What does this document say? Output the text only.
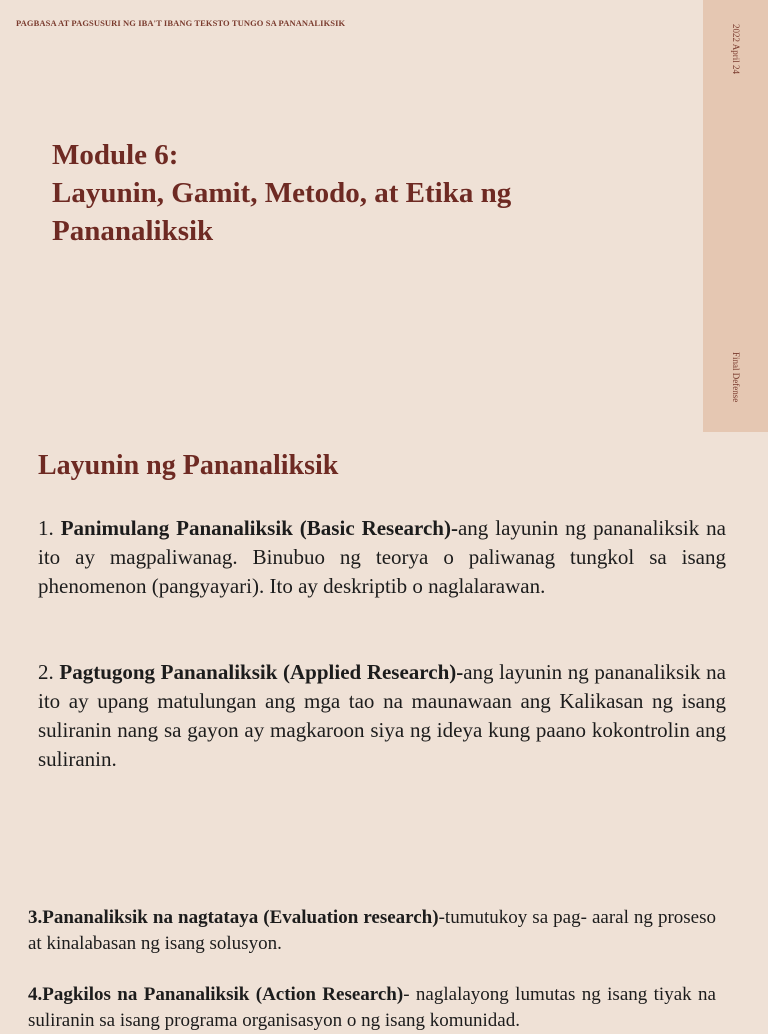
PAGBASA AT PAGSUSURI NG IBA'T IBANG TEKSTO TUNGO SA PANANALIKSIK
2022 April 24
Final Defense
Module 6:
Layunin, Gamit, Metodo, at Etika ng
Pananaliksik
Layunin ng Pananaliksik
1. Panimulang Pananaliksik (Basic Research)-ang layunin ng pananaliksik na ito ay magpaliwanag. Binubuo ng teorya o paliwanag tungkol sa isang phenomenon (pangyayari). Ito ay deskriptib o naglalarawan.
2. Pagtugong Pananaliksik (Applied Research)-ang layunin ng pananaliksik na ito ay upang matulungan ang mga tao na maunawaan ang Kalikasan ng isang suliranin nang sa gayon ay magkaroon siya ng ideya kung paano kokontrolin ang suliranin.
3.Pananaliksik na nagtataya (Evaluation research)-tumutukoy sa pag- aaral ng proseso at kinalabasan ng isang solusyon.
4.Pagkilos na Pananaliksik (Action Research)- naglalayong lumutas ng isang tiyak na suliranin sa isang programa organisasyon o ng isang komunidad.
